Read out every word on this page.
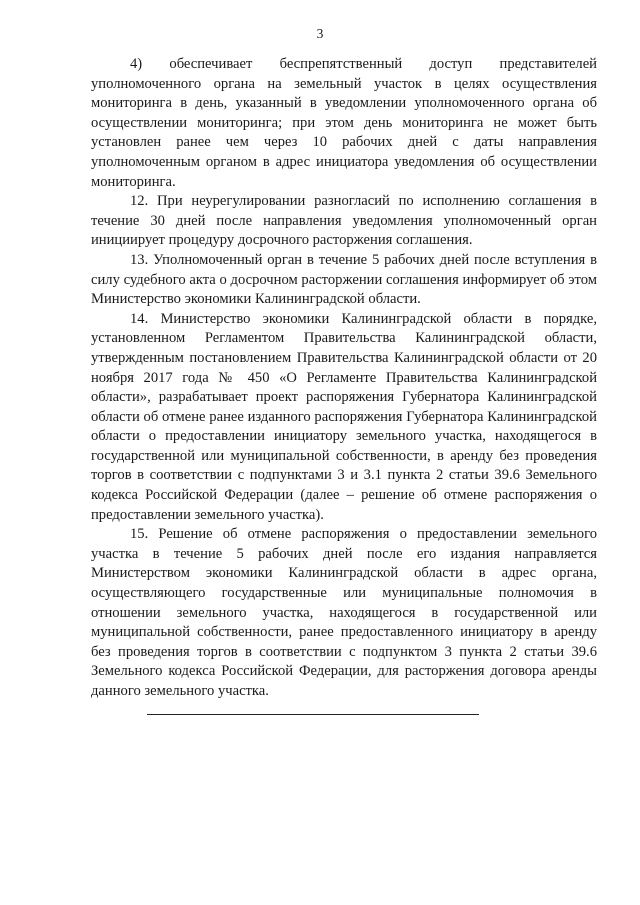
3

4) обеспечивает беспрепятственный доступ представителей уполномоченного органа на земельный участок в целях осуществления мониторинга в день, указанный в уведомлении уполномоченного органа об осуществлении мониторинга; при этом день мониторинга не может быть установлен ранее чем через 10 рабочих дней с даты направления уполномоченным органом в адрес инициатора уведомления об осуществлении мониторинга.

12. При неурегулировании разногласий по исполнению соглашения в течение 30 дней после направления уведомления уполномоченный орган инициирует процедуру досрочного расторжения соглашения.

13. Уполномоченный орган в течение 5 рабочих дней после вступления в силу судебного акта о досрочном расторжении соглашения информирует об этом Министерство экономики Калининградской области.

14. Министерство экономики Калининградской области в порядке, установленном Регламентом Правительства Калининградской области, утвержденным постановлением Правительства Калининградской области от 20 ноября 2017 года № 450 «О Регламенте Правительства Калининградской области», разрабатывает проект распоряжения Губернатора Калининградской области об отмене ранее изданного распоряжения Губернатора Калининградской области о предоставлении инициатору земельного участка, находящегося в государственной или муниципальной собственности, в аренду без проведения торгов в соответствии с подпунктами 3 и 3.1 пункта 2 статьи 39.6 Земельного кодекса Российской Федерации (далее – решение об отмене распоряжения о предоставлении земельного участка).

15. Решение об отмене распоряжения о предоставлении земельного участка в течение 5 рабочих дней после его издания направляется Министерством экономики Калининградской области в адрес органа, осуществляющего государственные или муниципальные полномочия в отношении земельного участка, находящегося в государственной или муниципальной собственности, ранее предоставленного инициатору в аренду без проведения торгов в соответствии с подпунктом 3 пункта 2 статьи 39.6 Земельного кодекса Российской Федерации, для расторжения договора аренды данного земельного участка.
